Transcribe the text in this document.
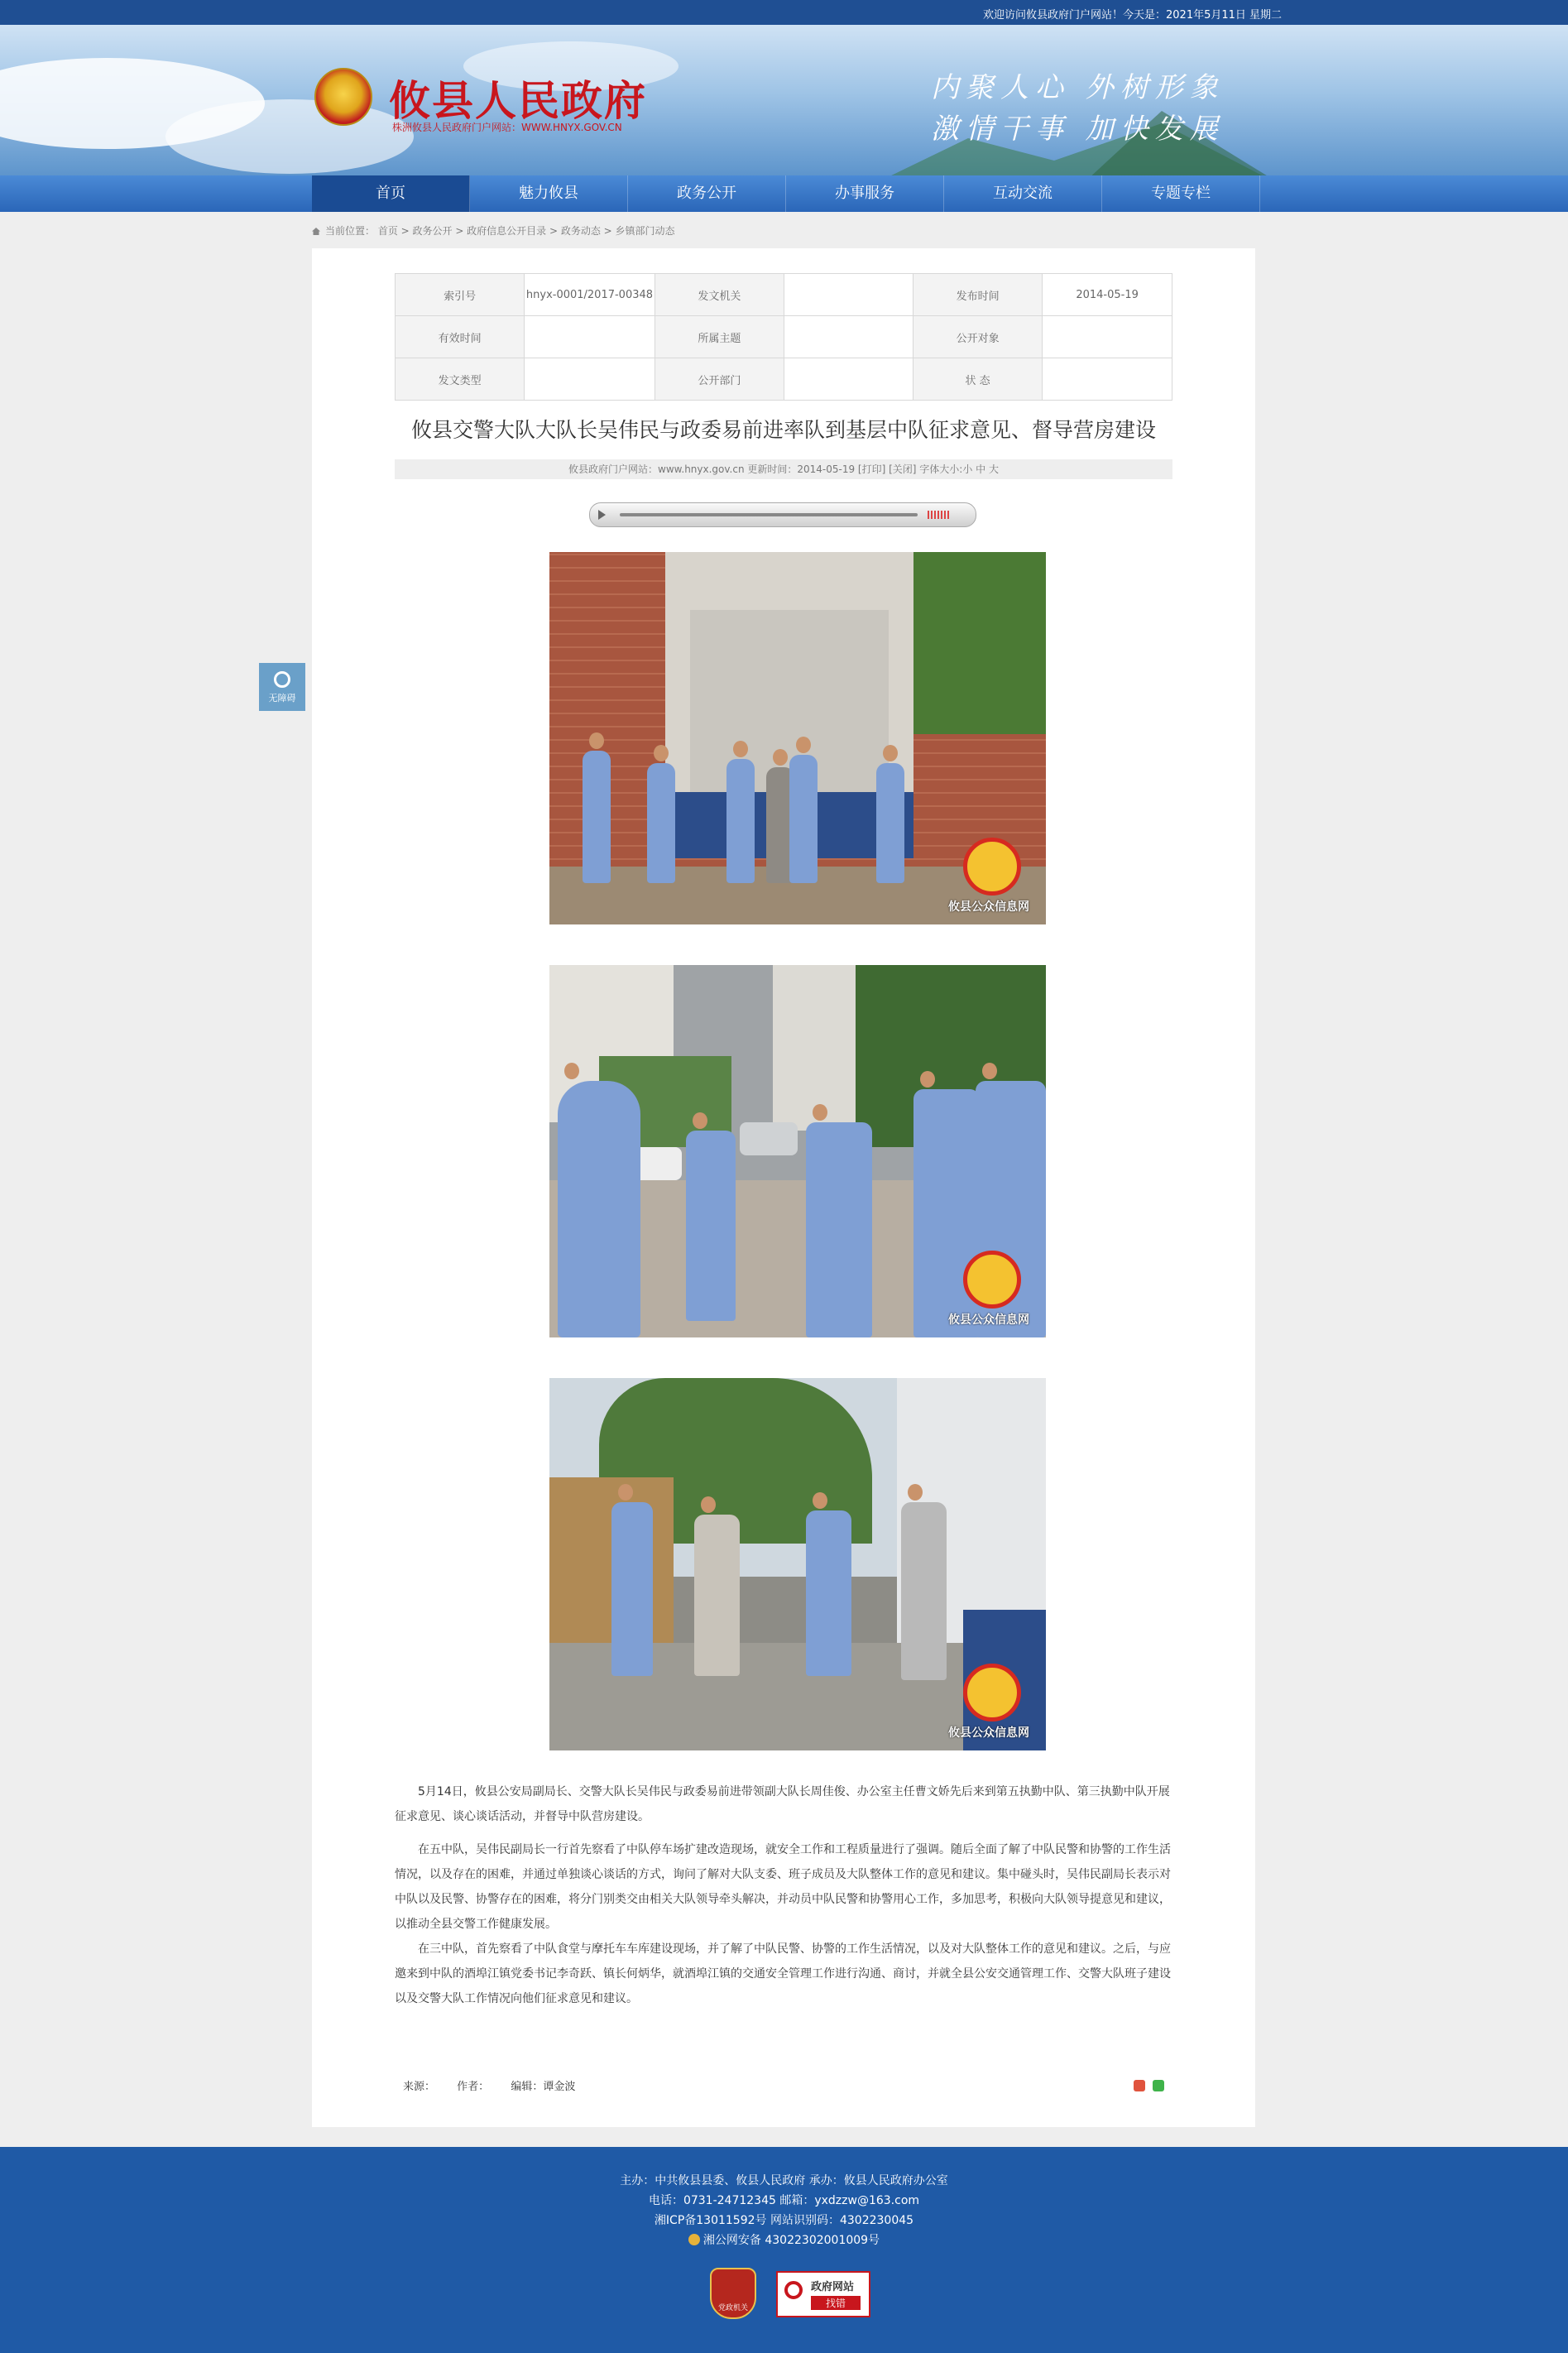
欢迎访问攸县政府门户网站！今天是：2021年5月11日 星期二
攸县人民政府
株洲攸县人民政府门户网站：WWW.HNYX.GOV.CN
内聚人心 外树形象
激情干事 加快发展
首页	魅力攸县	政务公开	办事服务	互动交流	专题专栏
当前位置： 首页 > 政务公开 > 政府信息公开目录 > 政务动态 > 乡镇部门动态
无障碍
索引号	hnyx-0001/2017-00348	发文机关		发布时间	2014-05-19
有效时间		所属主题		公开对象	
发文类型		公开部门		状 态	
攸县交警大队大队长吴伟民与政委易前进率队到基层中队征求意见、督导营房建设
攸县政府门户网站：www.hnyx.gov.cn 更新时间：2014-05-19 [打印] [关闭] 字体大小:小 中 大
攸县公众信息网
攸县公众信息网
攸县公众信息网

5月14日，攸县公安局副局长、交警大队长吴伟民与政委易前进带领副大队长周佳俊、办公室主任曹文娇先后来到第五执勤中队、第三执勤中队开展征求意见、谈心谈话活动，并督导中队营房建设。

在五中队，吴伟民副局长一行首先察看了中队停车场扩建改造现场，就安全工作和工程质量进行了强调。随后全面了解了中队民警和协警的工作生活情况，以及存在的困难，并通过单独谈心谈话的方式，询问了解对大队支委、班子成员及大队整体工作的意见和建议。集中碰头时，吴伟民副局长表示对中队以及民警、协警存在的困难，将分门别类交由相关大队领导牵头解决，并动员中队民警和协警用心工作，多加思考，积极向大队领导提意见和建议，以推动全县交警工作健康发展。

在三中队，首先察看了中队食堂与摩托车车库建设现场，并了解了中队民警、协警的工作生活情况，以及对大队整体工作的意见和建议。之后，与应邀来到中队的酒埠江镇党委书记李奇跃、镇长何炳华，就酒埠江镇的交通安全管理工作进行沟通、商讨，并就全县公安交通管理工作、交警大队班子建设以及交警大队工作情况向他们征求意见和建议。

来源： 作者： 编辑：谭金波
主办：中共攸县县委、攸县人民政府 承办：攸县人民政府办公室
电话：0731-24712345 邮箱：yxdzzw@163.com
湘ICP备13011592号 网站识别码：4302230045
湘公网安备 43022302001009号
党政机关
政府网站
找错
